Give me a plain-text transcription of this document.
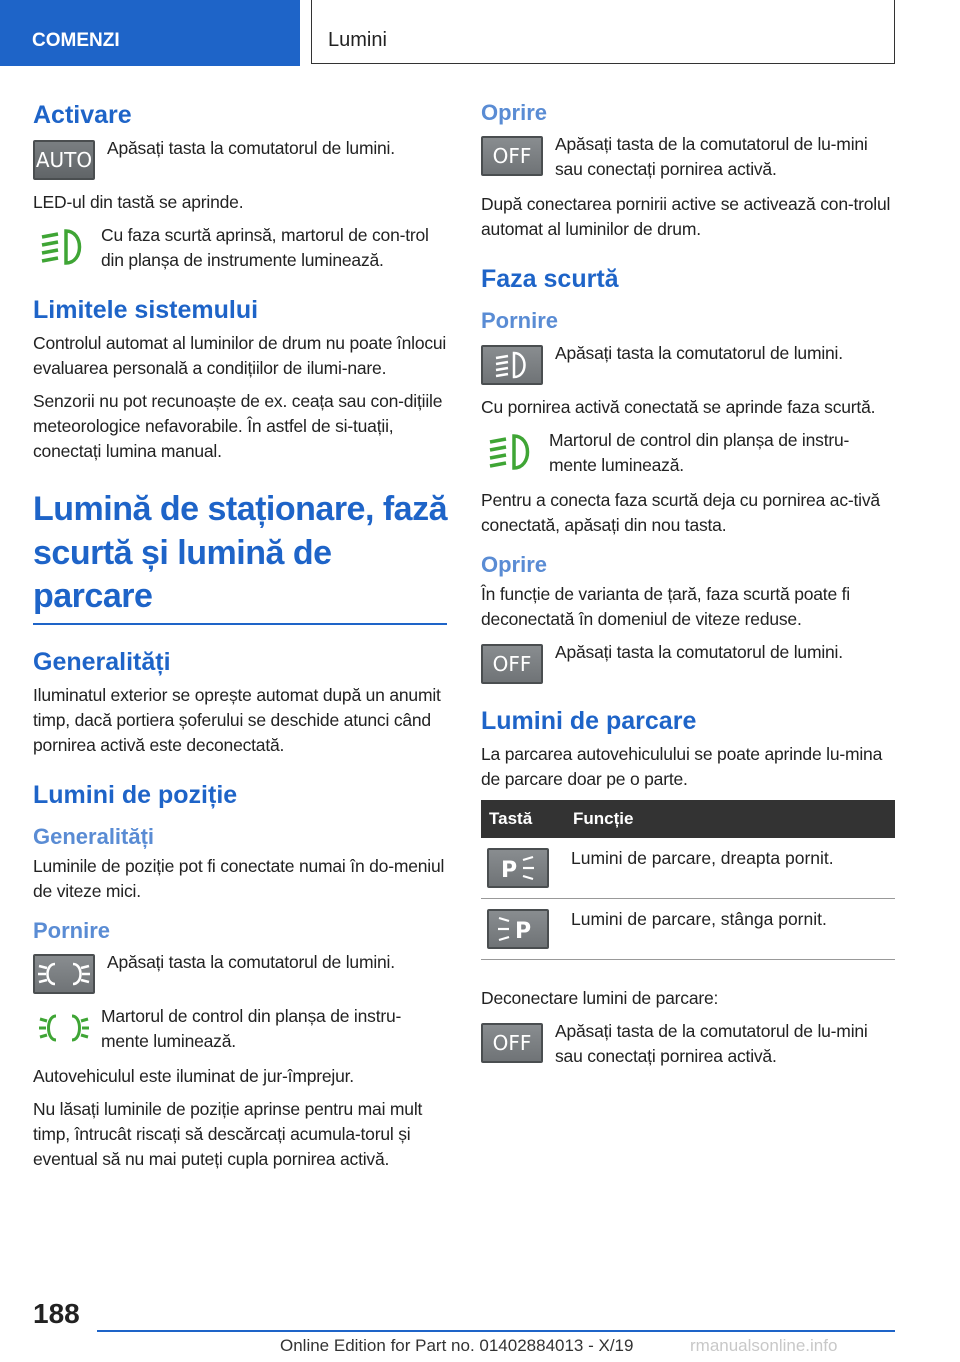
COMENZI	Lumini
Activare
AUTO Apăsați tasta la comutatorul de lumini.

LED-ul din tastă se aprinde.

Cu faza scurtă aprinsă, martorul de con-trol din planșa de instrumente luminează.

Limitele sistemului

Controlul automat al luminilor de drum nu poate înlocui evaluarea personală a condițiilor de ilumi-nare.

Senzorii nu pot recunoaște de ex. ceața sau con-dițiile meteorologice nefavorabile. În astfel de si-tuații, conectați lumina manual.

Lumină de staționare, fază scurtă și lumină de parcare
Generalități

Iluminatul exterior se oprește automat după un anumit timp, dacă portiera șoferului se deschide atunci când pornirea activă este deconectată.

Lumini de poziție
Generalități

Luminile de poziție pot fi conectate numai în do-meniul de viteze mici.

Pornire

Apăsați tasta la comutatorul de lumini.

Martorul de control din planșa de instru-mente luminează.

Autovehiculul este iluminat de jur-împrejur.

Nu lăsați luminile de poziție aprinse pentru mai mult timp, întrucât riscați să descărcați acumula-torul și eventual să nu mai puteți cupla pornirea activă.

Oprire
OFF	Apăsați tasta de la comutatorul de lu-mini sau conectați pornirea activă.

După conectarea pornirii active se activează con-trolul automat al luminilor de drum.

Faza scurtă
Pornire

Apăsați tasta la comutatorul de lumini.

Cu pornirea activă conectată se aprinde faza scurtă.

Martorul de control din planșa de instru-mente luminează.

Pentru a conecta faza scurtă deja cu pornirea ac-tivă conectată, apăsați din nou tasta.

Oprire

În funcție de varianta de țară, faza scurtă poate fi deconectată în domeniul de viteze reduse.

OFF	Apăsați tasta la comutatorul de lumini.

Lumini de parcare

La parcarea autovehiculului se poate aprinde lu-mina de parcare doar pe o parte.

Tastă	Funcție

P	Lumini de parcare, dreapta pornit.

P	Lumini de parcare, stânga pornit.

Deconectare lumini de parcare:

OFF	Apăsați tasta de la comutatorul de lu-mini sau conectați pornirea activă.

188
Online Edition for Part no. 01402884013 - X/19	rmanualsonline.info
